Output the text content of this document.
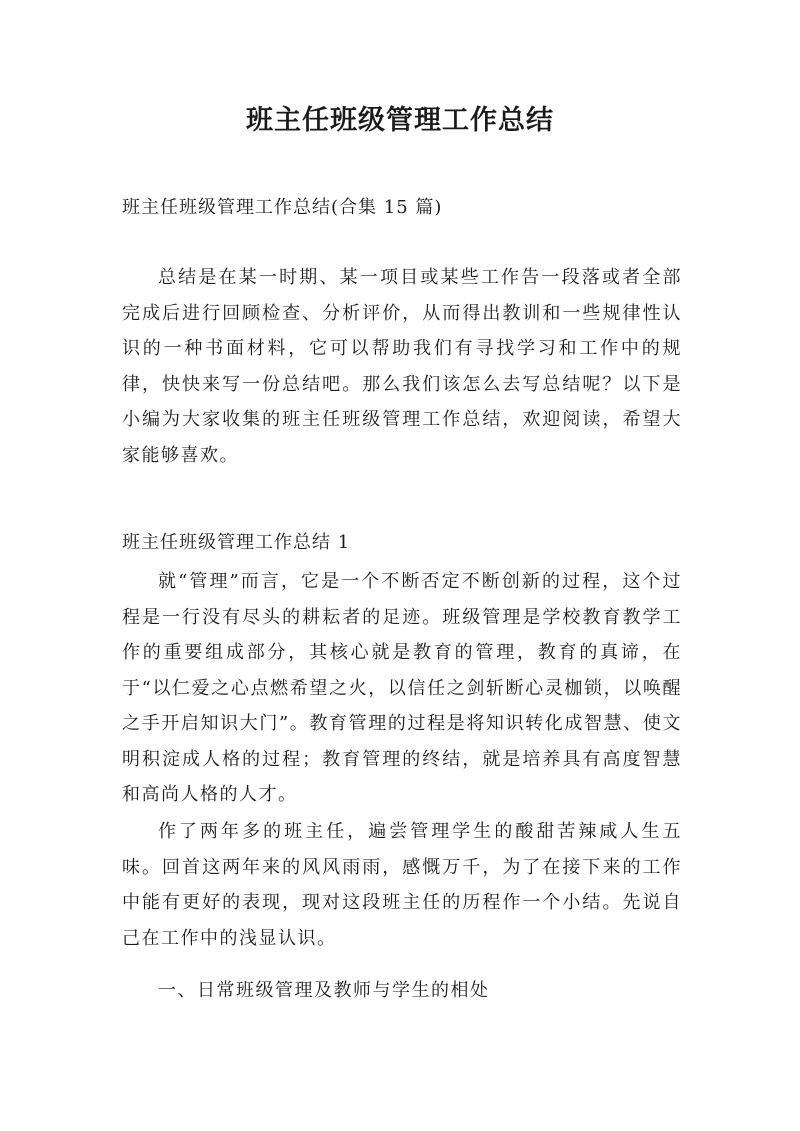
班主任班级管理工作总结

班主任班级管理工作总结(合集 15 篇)

总结是在某一时期、某一项目或某些工作告一段落或者全部完成后进行回顾检查、分析评价，从而得出教训和一些规律性认识的一种书面材料，它可以帮助我们有寻找学习和工作中的规律，快快来写一份总结吧。那么我们该怎么去写总结呢？以下是小编为大家收集的班主任班级管理工作总结，欢迎阅读，希望大家能够喜欢。

班主任班级管理工作总结 1

就“管理”而言，它是一个不断否定不断创新的过程，这个过程是一行没有尽头的耕耘者的足迹。班级管理是学校教育教学工作的重要组成部分，其核心就是教育的管理，教育的真谛，在于“以仁爱之心点燃希望之火，以信任之剑斩断心灵枷锁，以唤醒之手开启知识大门”。教育管理的过程是将知识转化成智慧、使文明积淀成人格的过程；教育管理的终结，就是培养具有高度智慧和高尚人格的人才。

作了两年多的班主任，遍尝管理学生的酸甜苦辣咸人生五味。回首这两年来的风风雨雨，感慨万千，为了在接下来的工作中能有更好的表现，现对这段班主任的历程作一个小结。先说自己在工作中的浅显认识。

一、日常班级管理及教师与学生的相处
